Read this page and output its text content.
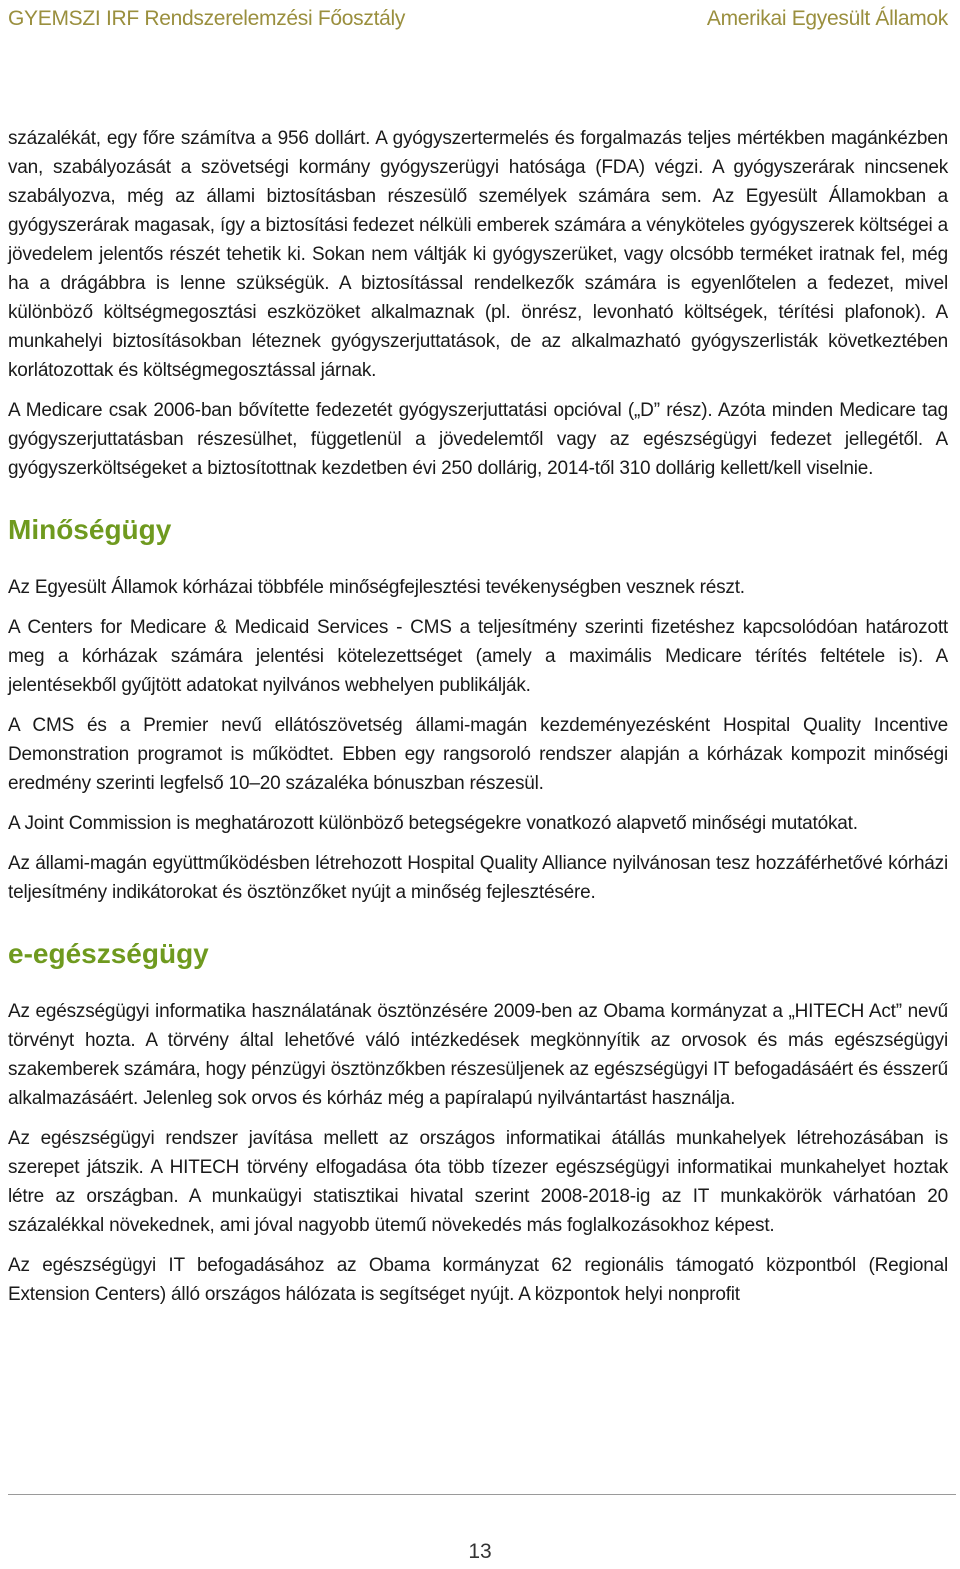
GYEMSZI IRF Rendszerelemzési Főosztály	Amerikai Egyesült Államok

százalékát, egy főre számítva a 956 dollárt. A gyógyszertermelés és forgalmazás teljes mértékben magánkézben van, szabályozását a szövetségi kormány gyógyszerügyi hatósága (FDA) végzi. A gyógyszerárak nincsenek szabályozva, még az állami biztosításban részesülő személyek számára sem. Az Egyesült Államokban a gyógyszerárak magasak, így a biztosítási fedezet nélküli emberek számára a vényköteles gyógyszerek költségei a jövedelem jelentős részét tehetik ki. Sokan nem váltják ki gyógyszerüket, vagy olcsóbb terméket iratnak fel, még ha a drágábbra is lenne szükségük. A biztosítással rendelkezők számára is egyenlőtelen a fedezet, mivel különböző költségmegosztási eszközöket alkalmaznak (pl. önrész, levonható költségek, térítési plafonok). A munkahelyi biztosításokban léteznek gyógyszerjuttatások, de az alkalmazható gyógyszerlisták következtében korlátozottak és költségmegosztással járnak.

A Medicare csak 2006-ban bővítette fedezetét gyógyszerjuttatási opcióval („D” rész). Azóta minden Medicare tag gyógyszerjuttatásban részesülhet, függetlenül a jövedelemtől vagy az egészségügyi fedezet jellegétől. A gyógyszerköltségeket a biztosítottnak kezdetben évi 250 dollárig, 2014-től 310 dollárig kellett/kell viselnie.

Minőségügy

Az Egyesült Államok kórházai többféle minőségfejlesztési tevékenységben vesznek részt.

A Centers for Medicare & Medicaid Services - CMS a teljesítmény szerinti fizetéshez kapcsolódóan határozott meg a kórházak számára jelentési kötelezettséget (amely a maximális Medicare térítés feltétele is). A jelentésekből gyűjtött adatokat nyilvános webhelyen publikálják.

A CMS és a Premier nevű ellátószövetség állami-magán kezdeményezésként Hospital Quality Incentive Demonstration programot is működtet. Ebben egy rangsoroló rendszer alapján a kórházak kompozit minőségi eredmény szerinti legfelső 10–20 százaléka bónuszban részesül.

A Joint Commission is meghatározott különböző betegségekre vonatkozó alapvető minőségi mutatókat.

Az állami-magán együttműködésben létrehozott Hospital Quality Alliance nyilvánosan tesz hozzáférhetővé kórházi teljesítmény indikátorokat és ösztönzőket nyújt a minőség fejlesztésére.

e-egészségügy

Az egészségügyi informatika használatának ösztönzésére 2009-ben az Obama kormányzat a „HITECH Act” nevű törvényt hozta. A törvény által lehetővé váló intézkedések megkönnyítik az orvosok és más egészségügyi szakemberek számára, hogy pénzügyi ösztönzőkben részesüljenek az egészségügyi IT befogadásáért és ésszerű alkalmazásáért. Jelenleg sok orvos és kórház még a papíralapú nyilvántartást használja.

Az egészségügyi rendszer javítása mellett az országos informatikai átállás munkahelyek létrehozásában is szerepet játszik. A HITECH törvény elfogadása óta több tízezer egészségügyi informatikai munkahelyet hoztak létre az országban. A munkaügyi statisztikai hivatal szerint 2008-2018-ig az IT munkakörök várhatóan 20 százalékkal növekednek, ami jóval nagyobb ütemű növekedés más foglalkozásokhoz képest.

Az egészségügyi IT befogadásához az Obama kormányzat 62 regionális támogató központból (Regional Extension Centers) álló országos hálózata is segítséget nyújt. A központok helyi nonprofit

13
